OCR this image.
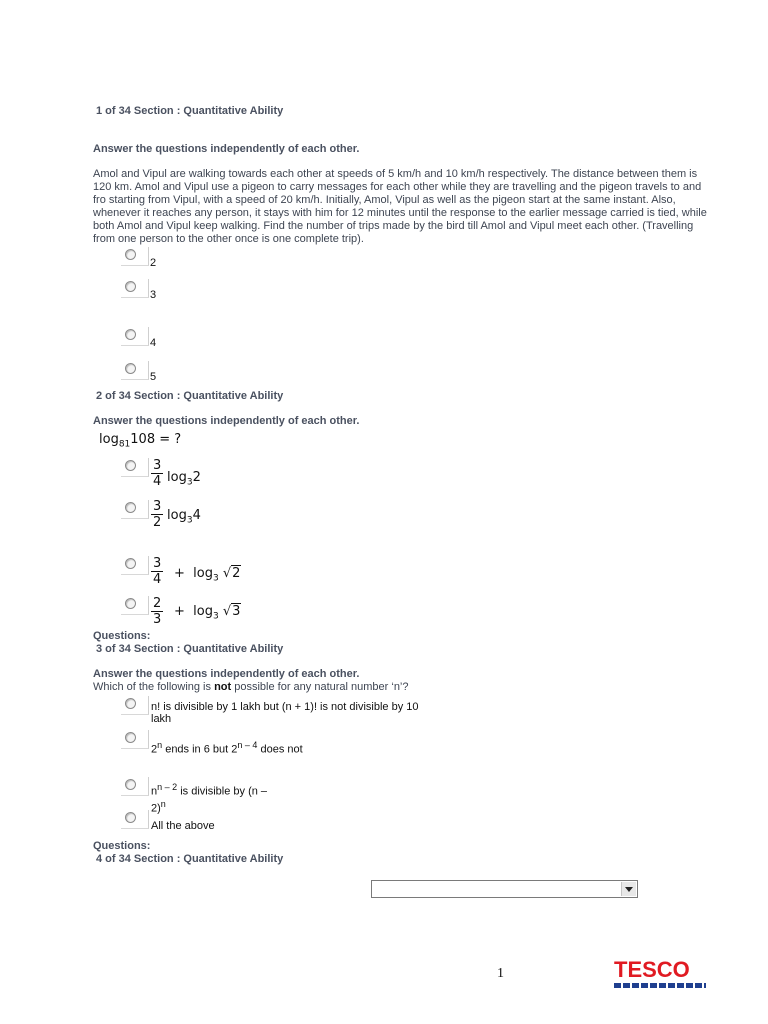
1 of 34 Section : Quantitative Ability
Answer the questions independently of each other.
Amol and Vipul are walking towards each other at speeds of 5 km/h and 10 km/h respectively. The distance between them is 120 km. Amol and Vipul use a pigeon to carry messages for each other while they are travelling and the pigeon travels to and fro starting from Vipul, with a speed of 20 km/h. Initially, Amol, Vipul as well as the pigeon start at the same instant. Also, whenever it reaches any person, it stays with him for 12 minutes until the response to the earlier message carried is tied, while both Amol and Vipul keep walking. Find the number of trips made by the bird till Amol and Vipul meet each other. (Travelling from one person to the other once is one complete trip).
2
3
4
5
2 of 34 Section : Quantitative Ability
Answer the questions independently of each other.
$\log_{81}108$ = ?
3
4 $\log_32$
3
2 $\log_34$
3
$4 + \log_3 √2$
2
3
+ $\log_3 √3$
Questions:
3 of 34 Section : Quantitative Ability
Answer the questions independently of each other.
Which of the following is not possible for any natural number ‘n’?
n! is divisible by 1 lakh but (n + 1)! is not divisible by 10
lakh
2$^n$ ends in 6 but 2$^{n - 4}$ does not
$n^{n - 2}$ is divisible by (n –
2)$^n$
All the above
Questions:
4 of 34 Section : Quantitative Ability
1	TESCO
